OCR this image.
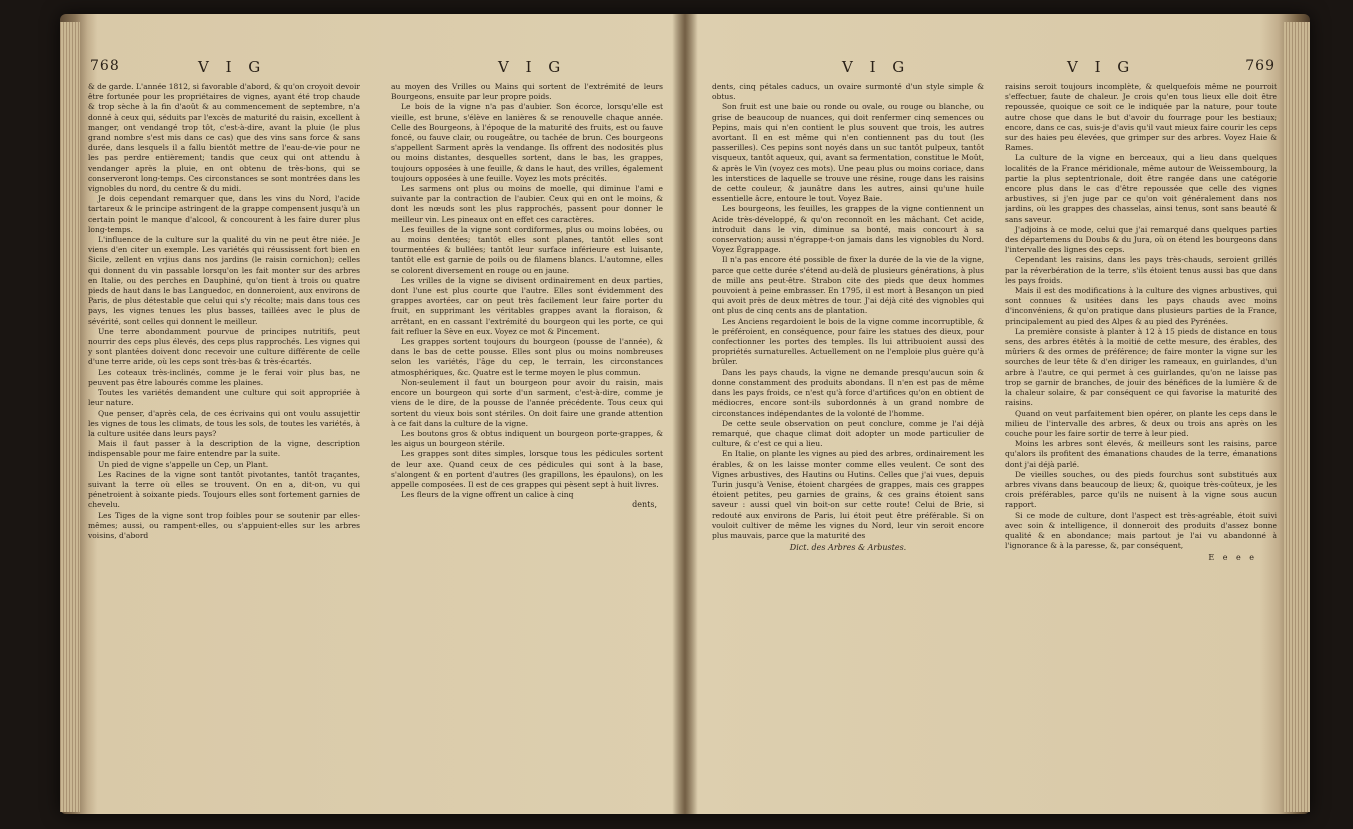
768	V I G	V I G

& de garde. L'année 1812, si favorable d'abord, & qu'on croyoit devoir être fortunée pour les propriétaires de vignes, ayant été trop chaude & trop sèche à la fin d'août & au commencement de septembre, n'a donné à ceux qui, séduits par l'excès de maturité du raisin, excellent à manger, ont vendangé trop tôt, c'est-à-dire, avant la pluie (le plus grand nombre s'est mis dans ce cas) que des vins sans force & sans durée, dans lesquels il a fallu bientôt mettre de l'eau-de-vie pour ne les pas perdre entièrement; tandis que ceux qui ont attendu à vendanger après la pluie, en ont obtenu de très-bons, qui se conserveront long-temps. Ces circonstances se sont montrées dans les vignobles du nord, du centre & du midi.

Je dois cependant remarquer que, dans les vins du Nord, l'acide tartareux & le principe astringent de la grappe compensent jusqu'à un certain point le manque d'alcool, & concourent à les faire durer plus long-temps.

L'influence de la culture sur la qualité du vin ne peut être niée. Je viens d'en citer un exemple. Les variétés qui réussissent fort bien en Sicile, zellent en vrjius dans nos jardins (le raisin cornichon); celles qui donnent du vin passable lorsqu'on les fait monter sur des arbres en Italie, ou des perches en Dauphiné, qu'on tient à trois ou quatre pieds de haut dans le bas Languedoc, en donneroient, aux environs de Paris, de plus détestable que celui qui s'y récolte; mais dans tous ces pays, les vignes tenues les plus basses, taillées avec le plus de sévérité, sont celles qui donnent le meilleur.

Une terre abondamment pourvue de principes nutritifs, peut nourrir des ceps plus élevés, des ceps plus rapprochés. Les vignes qui y sont plantées doivent donc recevoir une culture différente de celle d'une terre aride, où les ceps sont très-bas & très-écartés.

Les coteaux très-inclinés, comme je le ferai voir plus bas, ne peuvent pas être labourés comme les plaines.

Toutes les variétés demandent une culture qui soit appropriée à leur nature.

Que penser, d'après cela, de ces écrivains qui ont voulu assujettir les vignes de tous les climats, de tous les sols, de toutes les variétés, à la culture usitée dans leurs pays?

Mais il faut passer à la description de la vigne, description indispensable pour me faire entendre par la suite.

Un pied de vigne s'appelle un Cep, un Plant.

Les Racines de la vigne sont tantôt pivotantes, tantôt traçantes, suivant la terre où elles se trouvent. On en a, dit-on, vu qui pénetroient à soixante pieds. Toujours elles sont fortement garnies de chevelu.

Les Tiges de la vigne sont trop foibles pour se soutenir par elles-mêmes; aussi, ou rampent-elles, ou s'appuient-elles sur les arbres voisins, d'abord

au moyen des Vrilles ou Mains qui sortent de l'extrémité de leurs Bourgeons, ensuite par leur propre poids.

Le bois de la vigne n'a pas d'aubier. Son écorce, lorsqu'elle est vieille, est brune, s'élève en lanières & se renouvelle chaque année. Celle des Bourgeons, à l'époque de la maturité des fruits, est ou fauve foncé, ou fauve clair, ou rougeâtre, ou tachée de brun. Ces bourgeons s'appellent Sarment après la vendange. Ils offrent des nodosités plus ou moins distantes, desquelles sortent, dans le bas, les grappes, toujours opposées à une feuille, & dans le haut, des vrilles, également toujours opposées à une feuille. Voyez les mots précités.

Les sarmens ont plus ou moins de moelle, qui diminue l'ami e suivante par la contraction de l'aubier. Ceux qui en ont le moins, & dont les nœuds sont les plus rapprochés, passent pour donner le meilleur vin. Les pineaux ont en effet ces caractères.

Les feuilles de la vigne sont cordiformes, plus ou moins lobées, ou au moins dentées; tantôt elles sont planes, tantôt elles sont tourmentées & bullées; tantôt leur surface inférieure est luisante, tantôt elle est garnie de poils ou de filamens blancs. L'automne, elles se colorent diversement en rouge ou en jaune.

Les vrilles de la vigne se divisent ordinairement en deux parties, dont l'une est plus courte que l'autre. Elles sont évidemment des grappes avortées, car on peut très facilement leur faire porter du fruit, en supprimant les véritables grappes avant la floraison, & arrêtant, en en cassant l'extrémité du bourgeon qui les porte, ce qui fait refluer la Sève en eux. Voyez ce mot & Pincement.

Les grappes sortent toujours du bourgeon (pousse de l'année), & dans le bas de cette pousse. Elles sont plus ou moins nombreuses selon les variétés, l'âge du cep, le terrain, les circonstances atmosphériques, &c. Quatre est le terme moyen le plus commun.

Non-seulement il faut un bourgeon pour avoir du raisin, mais encore un bourgeon qui sorte d'un sarment, c'est-à-dire, comme je viens de le dire, de la pousse de l'année précédente. Tous ceux qui sortent du vieux bois sont stériles. On doit faire une grande attention à ce fait dans la culture de la vigne.

Les boutons gros & obtus indiquent un bourgeon porte-grappes, & les aigus un bourgeon stérile.

Les grappes sont dites simples, lorsque tous les pédicules sortent de leur axe. Quand ceux de ces pédicules qui sont à la base, s'alongent & en portent d'autres (les grapillons, les épaulons), on les appelle composées. Il est de ces grappes qui pèsent sept à huit livres.

Les fleurs de la vigne offrent un calice à cinq

dents,
V I G	V I G	769

dents, cinq pétales caducs, un ovaire surmonté d'un style simple & obtus.

Son fruit est une baie ou ronde ou ovale, ou rouge ou blanche, ou grise de beaucoup de nuances, qui doit renfermer cinq semences ou Pepins, mais qui n'en contient le plus souvent que trois, les autres avortant. Il en est même qui n'en contiennent pas du tout (les passerilles). Ces pepins sont noyés dans un suc tantôt pulpeux, tantôt visqueux, tantôt aqueux, qui, avant sa fermentation, constitue le Moût, & après le Vin (voyez ces mots). Une peau plus ou moins coriace, dans les interstices de laquelle se trouve une résine, rouge dans les raisins de cette couleur, & jaunâtre dans les autres, ainsi qu'une huile essentielle âcre, entoure le tout. Voyez Baie.

Les bourgeons, les feuilles, les grappes de la vigne contiennent un Acide très-développé, & qu'on reconnoît en les mâchant. Cet acide, introduit dans le vin, diminue sa bonté, mais concourt à sa conservation; aussi n'égrappe-t-on jamais dans les vignobles du Nord. Voyez Égrappage.

Il n'a pas encore été possible de fixer la durée de la vie de la vigne, parce que cette durée s'étend au-delà de plusieurs générations, à plus de mille ans peut-être. Strabon cite des pieds que deux hommes pouvoient à peine embrasser. En 1795, il est mort à Besançon un pied qui avoit près de deux mètres de tour. J'ai déjà cité des vignobles qui ont plus de cinq cents ans de plantation.

Les Anciens regardoient le bois de la vigne comme incorruptible, & le préféroient, en conséquence, pour faire les statues des dieux, pour confectionner les portes des temples. Ils lui attribuoient aussi des propriétés surnaturelles. Actuellement on ne l'emploie plus guère qu'à brûler.

Dans les pays chauds, la vigne ne demande presqu'aucun soin & donne constamment des produits abondans. Il n'en est pas de même dans les pays froids, ce n'est qu'à force d'artifices qu'on en obtient de médiocres, encore sont-ils subordonnés à un grand nombre de circonstances indépendantes de la volonté de l'homme.

De cette seule observation on peut conclure, comme je l'ai déjà remarqué, que chaque climat doit adopter un mode particulier de culture, & c'est ce qui a lieu.

En Italie, on plante les vignes au pied des arbres, ordinairement les érables, & on les laisse monter comme elles veulent. Ce sont des Vignes arbustives, des Hautins ou Hutins. Celles que j'ai vues, depuis Turin jusqu'à Venise, étoient chargées de grappes, mais ces grappes étoient petites, peu garnies de grains, & ces grains étoient sans saveur : aussi quel vin boit-on sur cette route! Celui de Brie, si redouté aux environs de Paris, lui étoit peut être préférable. Si on vouloit cultiver de même les vignes du Nord, leur vin seroit encore plus mauvais, parce que la maturité des

Dict. des Arbres & Arbustes.

raisins seroit toujours incomplète, & quelquefois même ne pourroit s'effectuer, faute de chaleur. Je crois qu'en tous lieux elle doit être repoussée, quoique ce soit ce le indiquée par la nature, pour toute autre chose que dans le but d'avoir du fourrage pour les bestiaux; encore, dans ce cas, suis-je d'avis qu'il vaut mieux faire courir les ceps sur des haies peu élevées, que grimper sur des arbres. Voyez Haie & Rames.

La culture de la vigne en berceaux, qui a lieu dans quelques localités de la France méridionale, même autour de Weissembourg, la partie la plus septentrionale, doit être rangée dans une catégorie encore plus dans le cas d'être repoussée que celle des vignes arbustives, si j'en juge par ce qu'on voit généralement dans nos jardins, où les grappes des chasselas, ainsi tenus, sont sans beauté & sans saveur.

J'adjoins à ce mode, celui que j'ai remarqué dans quelques parties des départemens du Doubs & du Jura, où on étend les bourgeons dans l'intervalle des lignes des ceps.

Cependant les raisins, dans les pays très-chauds, seroient grillés par la réverbération de la terre, s'ils étoient tenus aussi bas que dans les pays froids.

Mais il est des modifications à la culture des vignes arbustives, qui sont connues & usitées dans les pays chauds avec moins d'inconvéniens, & qu'on pratique dans plusieurs parties de la France, principalement au pied des Alpes & au pied des Pyrénées.

La première consiste à planter à 12 à 15 pieds de distance en tous sens, des arbres étêtés à la moitié de cette mesure, des érables, des mûriers & des ormes de préférence; de faire monter la vigne sur les sourches de leur tête & d'en diriger les rameaux, en guirlandes, d'un arbre à l'autre, ce qui permet à ces guirlandes, qu'on ne laisse pas trop se garnir de branches, de jouir des bénéfices de la lumière & de la chaleur solaire, & par conséquent ce qui favorise la maturité des raisins.

Quand on veut parfaitement bien opérer, on plante les ceps dans le milieu de l'intervalle des arbres, & deux ou trois ans après on les couche pour les faire sortir de terre à leur pied.

Moins les arbres sont élevés, & meilleurs sont les raisins, parce qu'alors ils profitent des émanations chaudes de la terre, émanations dont j'ai déjà parlé.

De vieilles souches, ou des pieds fourchus sont substitués aux arbres vivans dans beaucoup de lieux; &, quoique très-coûteux, je les crois préférables, parce qu'ils ne nuisent à la vigne sous aucun rapport.

Si ce mode de culture, dont l'aspect est très-agréable, étoit suivi avec soin & intelligence, il donneroit des produits d'assez bonne qualité & en abondance; mais partout je l'ai vu abandonné à l'ignorance & à la paresse, &, par conséquent,

E e e e
